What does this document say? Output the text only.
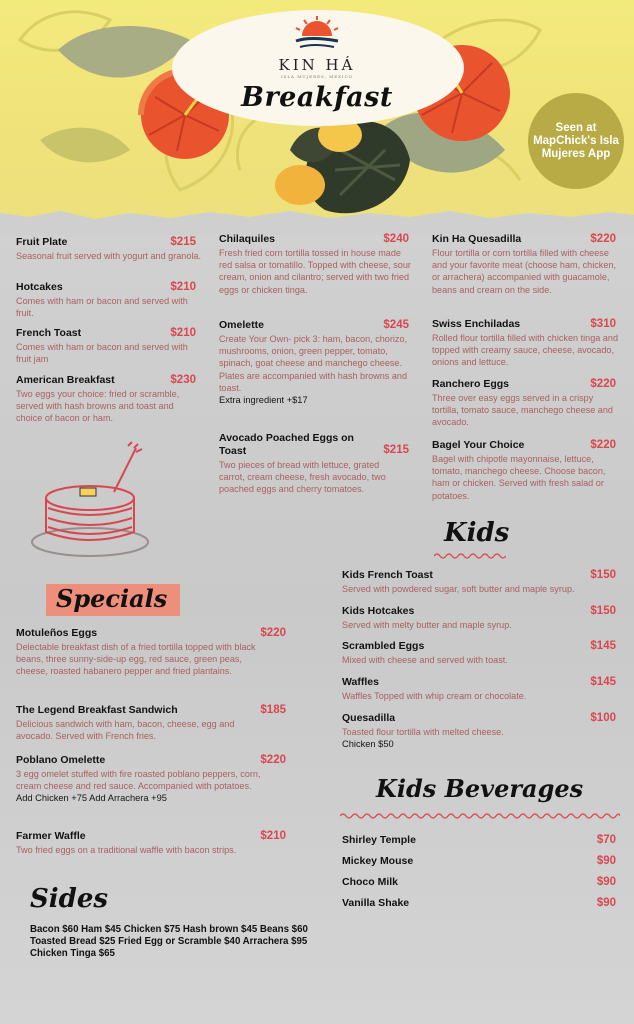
KIN HÁ
ISLA MUJERES, MEXICO
Breakfast
Seen at MapChick's Isla Mujeres App
Fruit Plate	$215
Seasonal fruit served with yogurt and granola.
Hotcakes	$210
Comes with ham or bacon and served with fruit.
French Toast	$210
Comes with ham or bacon and served with fruit jam
American Breakfast	$230
Two eggs your choice: fried or scramble, served with hash browns and toast and choice of bacon or ham.
Chilaquiles	$240
Fresh fried corn tortilla tossed in house made red salsa or tomatillo. Topped with cheese, sour cream, onion and cilantro; served with two fried eggs or chicken tinga.
Omelette	$245
Create Your Own- pick 3: ham, bacon, chorizo, mushrooms, onion, green pepper, tomato, spinach, goat cheese and manchego cheese. Plates are accompanied with hash browns and toast.
Extra ingredient +$17
Avocado Poached Eggs on Toast	$215
Two pieces of bread with lettuce, grated carrot, cream cheese, fresh avocado, two poached eggs and cherry tomatoes.
Kin Ha Quesadilla	$220
Flour tortilla or corn tortilla filled with cheese and your favorite meat (choose ham, chicken, or arrachera) accompanied with guacamole, beans and cream on the side.
Swiss Enchiladas	$310
Rolled flour tortilla filled with chicken tinga and topped with creamy sauce, cheese, avocado, onions and lettuce.
Ranchero Eggs	$220
Three over easy eggs served in a crispy tortilla, tomato sauce, manchego cheese and avocado.
Bagel Your Choice	$220
Bagel with chipotle mayonnaise, lettuce, tomato, manchego cheese. Choose bacon, ham or chicken. Served with fresh salad or potatoes.
Kids
Kids French Toast	$150
Served with powdered sugar, soft butter and maple syrup.
Kids Hotcakes	$150
Served with melty butter and maple syrup.
Scrambled Eggs	$145
Mixed with cheese and served with toast.
Waffles	$145
Waffles Topped with whip cream or chocolate.
Quesadilla	$100
Toasted flour tortilla with melted cheese.
Chicken $50
Kids Beverages
Shirley Temple	$70
Mickey Mouse	$90
Choco Milk	$90
Vanilla Shake	$90
Specials
Motuleños Eggs	$220
Delectable breakfast dish of a fried tortilla topped with black beans, three sunny-side-up egg, red sauce, green peas, cheese, roasted habanero pepper and fried plantains.
The Legend Breakfast Sandwich	$185
Delicious sandwich with ham, bacon, cheese, egg and avocado. Served with French fries.
Poblano Omelette	$220
3 egg omelet stuffed with fire roasted poblano peppers, corn, cream cheese and red sauce. Accompanied with potatoes.
Add Chicken +75 Add Arrachera +95
Farmer Waffle	$210
Two fried eggs on a traditional waffle with bacon strips.
Sides
Bacon $60 Ham $45 Chicken $75 Hash brown $45 Beans $60 Toasted Bread $25 Fried Egg or Scramble $40 Arrachera $95 Chicken Tinga $65
